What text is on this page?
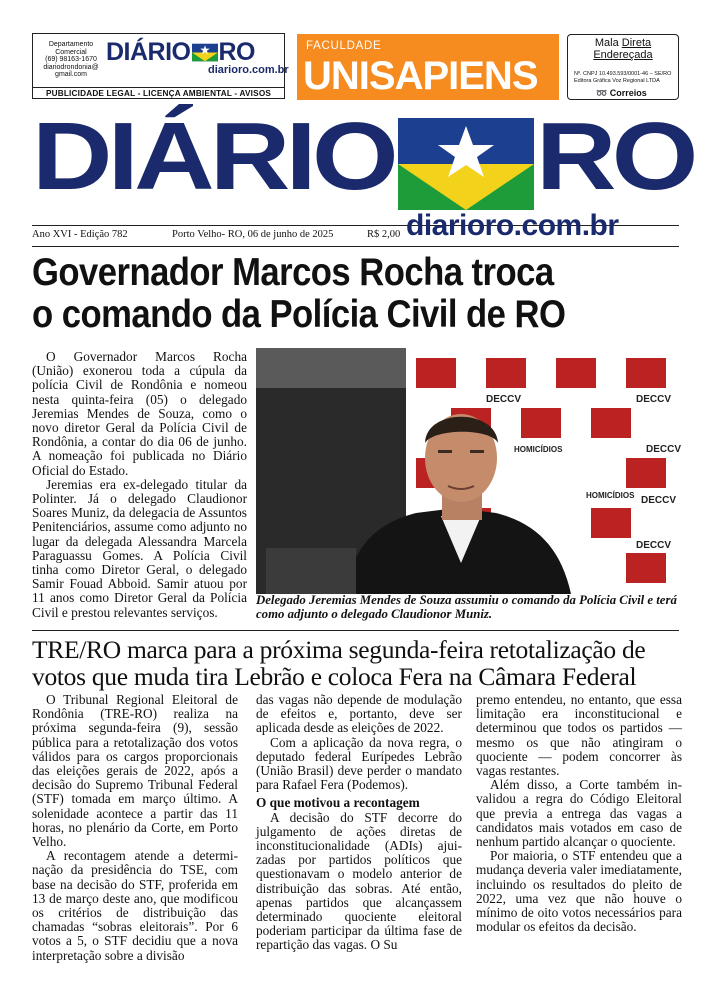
Departamento
Comercial
(69) 98163-1670
diariodrondonia@
gmail.com
DIÁRIO RO
diarioro.com.br
PUBLICIDADE LEGAL - LICENÇA AMBIENTAL - AVISOS
FACULDADE
UNISAPIENS
Mala Direta
Endereçada
Nº. CNPJ 10.493.593/0001-46 – SE/RO
Editora Gráfica Voz Regional LTDA
➿ Correios
DIÁRIO RO
Ano XVI - Edição 782	Porto Velho- RO, 06 de junho de 2025	R$ 2,00 diarioro.com.br
Governador Marcos Rocha troca
o comando da Polícia Civil de RO

O Governador Marcos Rocha (União) exonerou toda a cúpula da polícia Civil de Rondônia e nomeou nesta quinta-feira (05) o delegado Jeremias Mendes de Souza, como o novo diretor Geral da Polícia Civil de Rondônia, a contar do dia 06 de junho. A nomeação foi publicada no Diário Oficial do Estado.

Jeremias era ex-delegado titular da Polinter. Já o delegado Claudionor Soares Muniz, da delegacia de Assuntos Penitenciários, assume como adjunto no lugar da delegada Alessandra Marcela Paraguassu Gomes. A Polícia Civil tinha como Diretor Geral, o delegado Samir Fouad Abboid. Samir atuou por 11 anos como Diretor Geral da Polícia Civil e prestou relevantes serviços.

DECCV	DECCV
DECCV
DECCV
DECCV
HOMICÍDIOS
HOMICÍDIOS
Delegado Jeremias Mendes de Souza assumiu o comando da Polícia Civil e terá como adjunto o delegado Claudionor Muniz.
TRE/RO marca para a próxima segunda-feira retotalização de
votos que muda tira Lebrão e coloca Fera na Câmara Federal

O Tribunal Regional Eleitoral de Rondônia (TRE-RO) realiza na próxima segunda-feira (9), sessão pública para a retotalização dos votos válidos para os cargos proporcionais das eleições gerais de 2022, após a decisão do Supremo Tribunal Federal (STF) tomada em março último. A solenidade acontece a partir das 11 horas, no plenário da Corte, em Porto Velho.

A recontagem atende a determinação da presidência do TSE, com base na decisão do STF, proferida em 13 de março deste ano, que modificou os critérios de distribuição das chamadas “sobras eleitorais”. Por 6 votos a 5, o STF decidiu que a nova interpretação sobre a divisão

das vagas não depende de modulação de efeitos e, portanto, deve ser aplicada desde as eleições de 2022.

Com a aplicação da nova regra, o deputado federal Eurípedes Lebrão (União Brasil) deve perder o mandato para Rafael Fera (Podemos).

O que motivou a recontagem

A decisão do STF decorre do julgamento de ações diretas de inconstitucionalidade (ADIs) ajuizadas por partidos políticos que questionavam o modelo anterior de distribuição das sobras. Até então, apenas partidos que alcançassem determinado quociente eleitoral poderiam participar da última fase de repartição das vagas. O Su

premo entendeu, no entanto, que essa limitação era inconstitucional e determinou que todos os partidos — mesmo os que não atingiram o quociente — podem concorrer às vagas restantes.

Além disso, a Corte também invalidou a regra do Código Eleitoral que previa a entrega das vagas a candidatos mais votados em caso de nenhum partido alcançar o quociente.

Por maioria, o STF entendeu que a mudança deveria valer imediatamente, incluindo os resultados do pleito de 2022, uma vez que não houve o mínimo de oito votos necessários para modular os efeitos da decisão.
